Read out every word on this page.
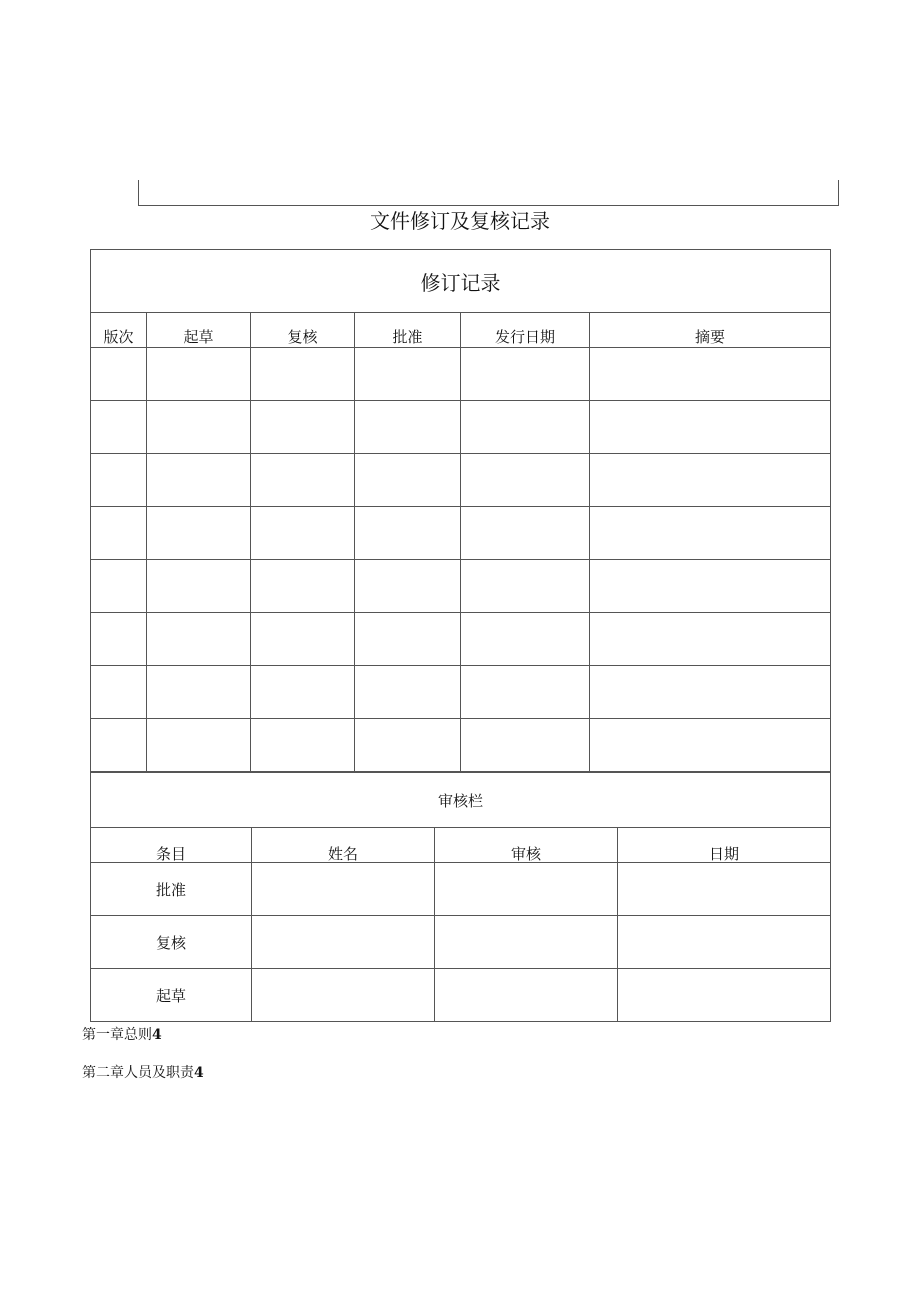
文件修订及复核记录
修订记录					
版次	起草	复核	批准	发行日期	摘要

审核栏			
条目	姓名	审核	日期
批准			
复核			
起草			
第一章总则4
第二章人员及职责4
